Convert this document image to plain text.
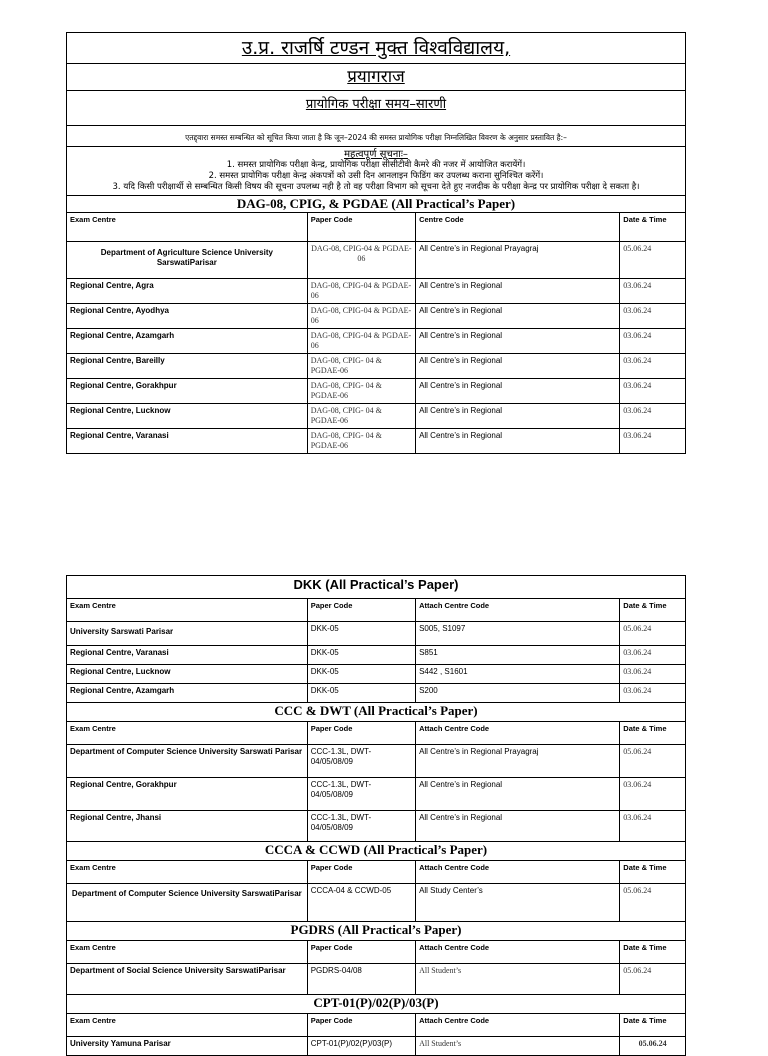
उ.प्र. राजर्षि टण्डन मुक्त विश्वविद्यालय,			
प्रयागराज			
प्रायोगिक परीक्षा समय–सारणी			
एतद्द्वारा समस्त सम्बन्धित को सूचित किया जाता है कि जून–2024 की समस्त प्रायोगिक परीक्षा निम्नलिखित विवरण के अनुसार प्रस्तावित है:–			

महत्वपूर्ण सूचनाः–
1. समस्त प्रायोगिक परीक्षा केन्द्र, प्रायोगिक परीक्षा सीसीटीवी कैमरे की नजर में आयोजित करायेंगें।
2. समस्त प्रायोगिक परीक्षा केन्द्र अंकपत्रों को उसी दिन आनलाइन फिडिंग कर उपलब्ध कराना सुनिश्चित करेंगें।
3. यदि किसी परीक्षार्थी से सम्बन्धित किसी विषय की सूचना उपलब्ध नही है तो वह परीक्षा विभाग को सूचना देते हुए नजदीक के परीक्षा केन्द्र पर प्रायोगिक परीक्षा दे सकता है।			

DAG-08, CPIG, & PGDAE (All Practical’s Paper)			
Exam Centre	Paper Code	Centre Code	Date & Time
Department of Agriculture Science University SarswatiParisar	DAG-08, CPIG-04 & PGDAE-06	All Centre’s in Regional Prayagraj	05.06.24
Regional Centre, Agra	DAG-08, CPIG-04 & PGDAE-06	All Centre’s in Regional	03.06.24
Regional Centre, Ayodhya	DAG-08, CPIG-04 & PGDAE-06	All Centre’s in Regional	03.06.24
Regional Centre, Azamgarh	DAG-08, CPIG-04 & PGDAE-06	All Centre’s in Regional	03.06.24
Regional Centre, Bareilly	DAG-08, CPIG- 04 & PGDAE-06	All Centre’s in Regional	03.06.24
Regional Centre, Gorakhpur	DAG-08, CPIG- 04 & PGDAE-06	All Centre’s in Regional	03.06.24
Regional Centre, Lucknow	DAG-08, CPIG- 04 & PGDAE-06	All Centre’s in Regional	03.06.24
Regional Centre, Varanasi	DAG-08, CPIG- 04 & PGDAE-06	All Centre’s in Regional	03.06.24
DKK (All Practical’s Paper)			
Exam Centre	Paper Code	Attach Centre Code	Date & Time
University Sarswati Parisar	DKK-05	S005, S1097	05.06.24
Regional Centre, Varanasi	DKK-05	S851	03.06.24
Regional Centre, Lucknow	DKK-05	S442 , S1601	03.06.24
Regional Centre, Azamgarh	DKK-05	S200	03.06.24
CCC & DWT (All Practical’s Paper)			
Exam Centre	Paper Code	Attach Centre Code	Date & Time
Department of Computer Science University Sarswati Parisar	CCC-1.3L, DWT-04/05/08/09	All Centre’s in Regional Prayagraj	05.06.24
Regional Centre, Gorakhpur	CCC-1.3L, DWT-04/05/08/09	All Centre’s in Regional	03.06.24
Regional Centre, Jhansi	CCC-1.3L, DWT-04/05/08/09	All Centre’s in Regional	03.06.24
CCCA & CCWD (All Practical’s Paper)			
Exam Centre	Paper Code	Attach Centre Code	Date & Time
Department of Computer Science University SarswatiParisar	CCCA-04 & CCWD-05	All Study Center’s	05.06.24
PGDRS (All Practical’s Paper)			
Exam Centre	Paper Code	Attach Centre Code	Date & Time
Department of Social Science University SarswatiParisar	PGDRS-04/08	All Student’s	05.06.24
CPT-01(P)/02(P)/03(P)			
Exam Centre	Paper Code	Attach Centre Code	Date & Time
University Yamuna Parisar	CPT-01(P)/02(P)/03(P)	All Student’s	05.06.24
